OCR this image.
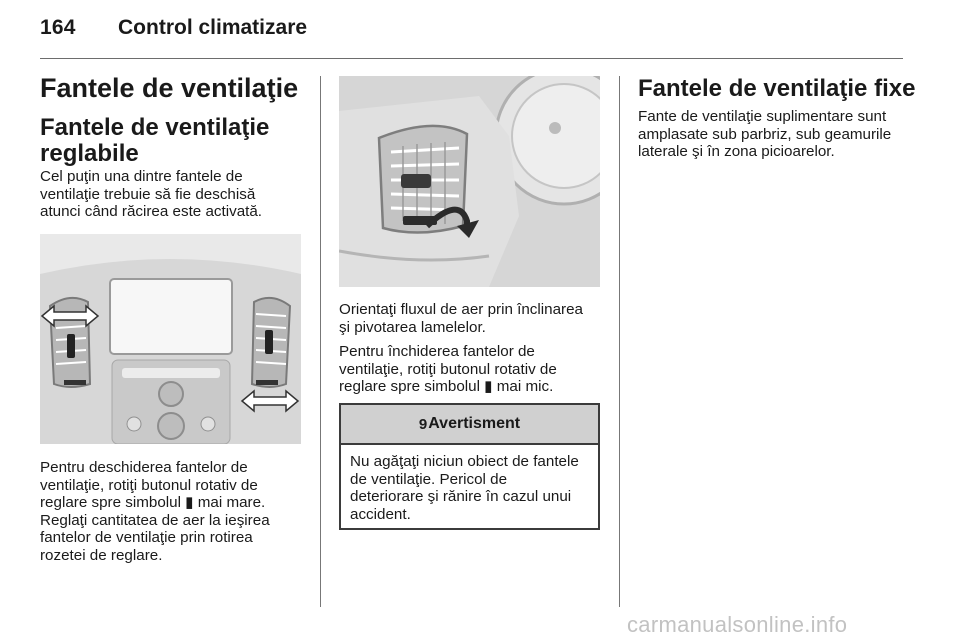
164 Control climatizare
Fantele de ventilaţie
Fantele de ventilaţie
reglabile
Cel puţin una dintre fantele de
ventilaţie trebuie să fie deschisă
atunci când răcirea este activată.
Pentru deschiderea fantelor de
ventilaţie, rotiţi butonul rotativ de
reglare spre simbolul ▮ mai mare.
Reglaţi cantitatea de aer la ieşirea
fantelor de ventilaţie prin rotirea
rozetei de reglare.
Orientaţi fluxul de aer prin înclinarea
şi pivotarea lamelelor.
Pentru închiderea fantelor de
ventilaţie, rotiţi butonul rotativ de
reglare spre simbolul ▮ mai mic.
9 Avertisment
Nu agăţaţi niciun obiect de fantele
de ventilaţie. Pericol de
deteriorare şi rănire în cazul unui
accident.
Fantele de ventilaţie fixe
Fante de ventilaţie suplimentare sunt
amplasate sub parbriz, sub geamurile
laterale şi în zona picioarelor.
carmanualsonline.info
